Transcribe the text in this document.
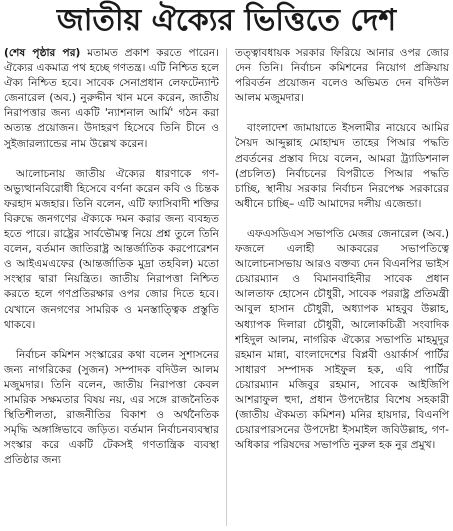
জাতীয় ঐক্যের ভিত্তিতে দেশ

(শেষ পৃষ্ঠার পর) মতামত প্রকাশ করতে পারেন। ঐক্যের একমাত্র পথ হচ্ছে গণতন্ত্র। এটি নিশ্চিত হলে ঐক্য নিশ্চিত হবে। সাবেক সেনাপ্রধান লেফটেন্যান্ট জেনারেল (অব.) নুরুদ্দীন খান মনে করেন, জাতীয় নিরাপত্তার জন্য একটি 'ন্যাশনাল আর্মি' গঠন করা অত্যন্ত প্রয়োজন। উদাহরণ হিসেবে তিনি চীনে ও সুইজারল্যান্ডের নাম উল্লেখ করেন।

আলোচনায় জাতীয় ঐক্যের ধারণাকে গণ-অভ্যুত্থানবিরোধী হিসেবে বর্ণনা করেন কবি ও চিন্তক ফরহাদ মজহার। তিনি বলেন, এটি ফ্যাসিবাদী শক্তির বিরুদ্ধে জনগণের ঐক্যকে দমন করার জন্য ব্যবহৃত হতে পারে। রাষ্ট্রের সার্বভৌমত্ব নিয়ে প্রশ্ন তুলে তিনি বলেন, বর্তমান জাতিরাষ্ট্র আন্তর্জাতিক করপোরেশন ও আইএমএফের (আন্তর্জাতিক মুদ্রা তহবিল) মতো সংস্থার দ্বারা নিয়ন্ত্রিত। জাতীয় নিরাপত্তা নিশ্চিত করতে হলে গণপ্রতিরক্ষার ওপর জোর দিতে হবে। যেখানে জনগণের সামরিক ও মনস্তাত্ত্বিক প্রস্তুতি থাকবে।

নির্বাচন কমিশন সংস্কারের কথা বলেন সুশাসনের জন্য নাগরিকের (সুজন) সম্পাদক বদিউল আলম মজুমদার। তিনি বলেন, জাতীয় নিরাপত্তা কেবল সামরিক সক্ষমতার বিষয় নয়, এর সঙ্গে রাজনৈতিক স্থিতিশীলতা, রাজনীতির বিকাশ ও অর্থনৈতিক সমৃদ্ধি অঙ্গাঙ্গিভাবে জড়িত। বর্তমান নির্বাচনব্যবস্থার সংস্কার করে একটি টেকসই গণতান্ত্রিক ব্যবস্থা প্রতিষ্ঠার জন্য

তত্ত্বাবধায়ক সরকার ফিরিয়ে আনার ওপর জোর দেন তিনি। নির্বাচন কমিশনের নিয়োগ প্রক্রিয়ায় পরিবর্তন প্রয়োজন বলেও অভিমত দেন বদিউল আলম মজুমদার।

বাংলাদেশ জামায়াতে ইসলামীর নায়েবে আমির সৈয়দ আব্দুল্লাহ মোহাম্মদ তাহের পিআর পদ্ধতি প্রবর্তনের প্রস্তাব দিয়ে বলেন, আমরা ট্র্যাডিশনাল (প্রচলিত) নির্বাচনের বিপরীতে পিআর পদ্ধতি চাচ্ছি, স্থানীয় সরকার নির্বাচন নিরপেক্ষ সরকারের অধীনে চাচ্ছি– এটি আমাদের দলীয় এজেন্ডা।

এফএসডিএস সভাপতি মেজর জেনারেল (অব.) ফজলে এলাহী আকবরের সভাপতিত্বে আলোচনাসভায় আরও বক্তব্য দেন বিএনপির ভাইস চেয়ারম্যান ও বিমানবাহিনীর সাবেক প্রধান আলতাফ হোসেন চৌধুরী, সাবেক পররাষ্ট্র প্রতিমন্ত্রী আবুল হাসান চৌধুরী, অধ্যাপক মাহবুব উল্লাহ, অধ্যাপক দিলারা চৌধুরী, আলোকচিত্রী সংবাদিক শহিদুল আলম, নাগরিক ঐক্যের সভাপতি মাহমুদুর রহমান মান্না, বাংলাদেশের বিপ্লবী ওয়ার্কার্স পার্টির সাধারণ সম্পাদক সাইফুল হক, এবি পার্টির চেয়ারম্যান মজিবুর রহমান, সাবেক আইজিপি আশরাফুল হুদা, প্রধান উপদেষ্টার বিশেষ সহকারী (জাতীয় ঐকমত্য কমিশন) মনির হায়দার, বিএনপি চেয়ারপারসনের উপদেষ্টা ইসমাইল জবিউল্লাহ, গণ-অধিকার পরিষদের সভাপতি নুরুল হক নুর প্রমুখ।
